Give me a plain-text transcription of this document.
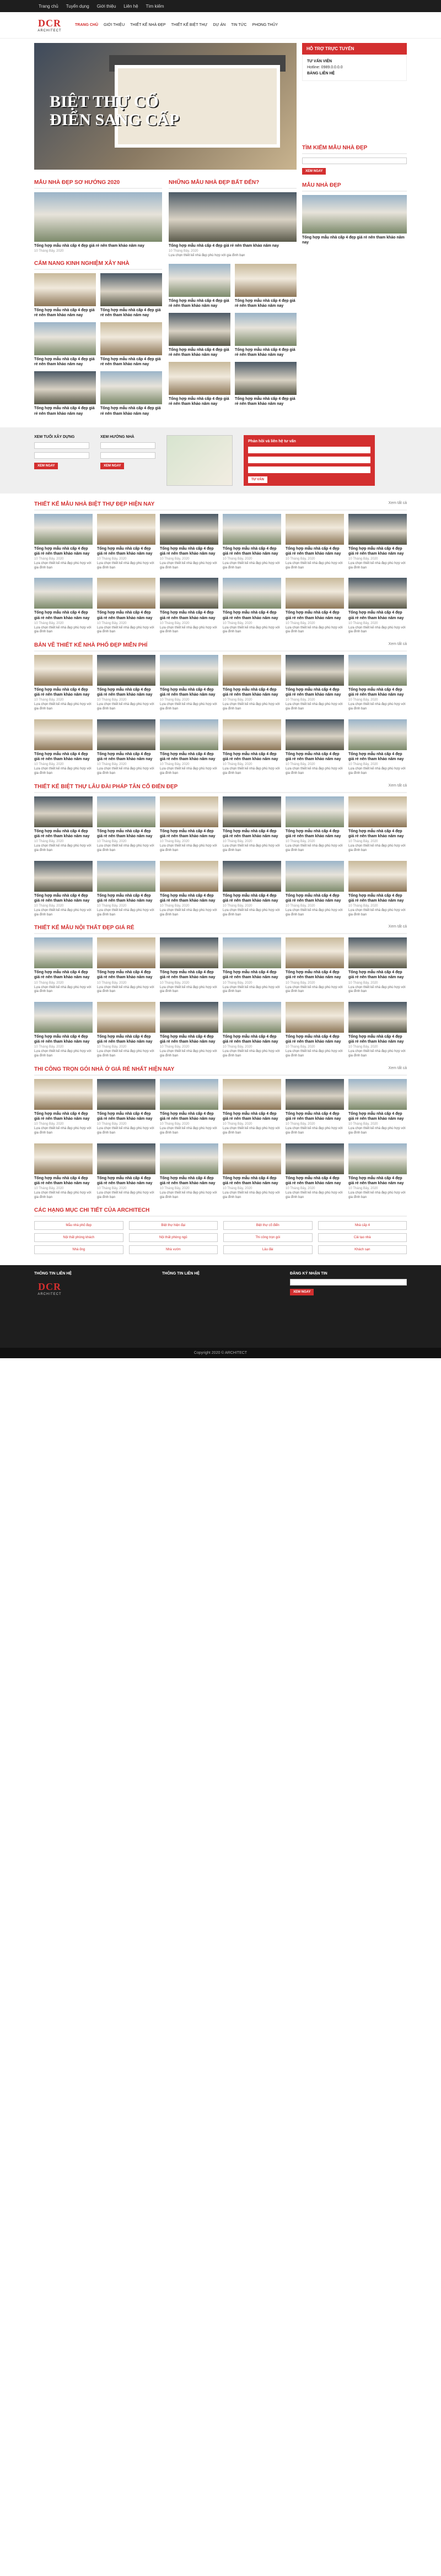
Trang chủ Tuyển dụng Giới thiệu Liên hệ Tìm kiếm
DCR
ARCHITECT
TRANG CHỦ GIỚI THIỆU THIẾT KẾ NHÀ ĐẸP THIẾT KẾ BIỆT THỰ DỰ ÁN TIN TỨC PHONG THỦY
BIỆT THỰ CỔ ĐIỂN SANG CẤP
MẪU NHÀ ĐẸP SƠ HƯỚNG 2020
Tổng hợp mẫu nhà cấp 4 đẹp giá rẻ nên tham khảo năm nay
10 Tháng Bảy, 2020
CẨM NANG KINH NGHIỆM XÂY NHÀ
Tổng hợp mẫu nhà cấp 4 đẹp giá rẻ nên tham khảo năm nay
Tổng hợp mẫu nhà cấp 4 đẹp giá rẻ nên tham khảo năm nay
Tổng hợp mẫu nhà cấp 4 đẹp giá rẻ nên tham khảo năm nay
Tổng hợp mẫu nhà cấp 4 đẹp giá rẻ nên tham khảo năm nay
Tổng hợp mẫu nhà cấp 4 đẹp giá rẻ nên tham khảo năm nay
Tổng hợp mẫu nhà cấp 4 đẹp giá rẻ nên tham khảo năm nay
NHỮNG MẪU NHÀ ĐẸP BẤT ĐẾN?
Tổng hợp mẫu nhà cấp 4 đẹp giá rẻ nên tham khảo năm nay
10 Tháng Bảy, 2020
Lựa chọn thiết kế nhà đẹp phù hợp với gia đình bạn
Tổng hợp mẫu nhà cấp 4 đẹp giá rẻ nên tham khảo năm nay
Tổng hợp mẫu nhà cấp 4 đẹp giá rẻ nên tham khảo năm nay
Tổng hợp mẫu nhà cấp 4 đẹp giá rẻ nên tham khảo năm nay
Tổng hợp mẫu nhà cấp 4 đẹp giá rẻ nên tham khảo năm nay
Tổng hợp mẫu nhà cấp 4 đẹp giá rẻ nên tham khảo năm nay
Tổng hợp mẫu nhà cấp 4 đẹp giá rẻ nên tham khảo năm nay
HỖ TRỢ TRỰC TUYẾN
TƯ VẤN VIÊN
Hotline: 0989.0.0.0.0
BẢNG LIÊN HỆ
TÌM KIẾM MẪU NHÀ ĐẸP
XEM NGAY
MẪU NHÀ ĐẸP
Tổng hợp mẫu nhà cấp 4 đẹp giá rẻ nên tham khảo năm nay
XEM TUỔI XÂY DỰNG
XEM NGAY
XEM HƯỚNG NHÀ
XEM NGAY
Phản hồi và liên hệ tư vấn
TƯ VẤN
THIẾT KẾ MẪU NHÀ BIỆT THỰ ĐẸP HIỆN NAY	Xem tất cả
Tổng hợp mẫu nhà cấp 4 đẹp giá rẻ nên tham khảo năm nay
10 Tháng Bảy, 2020
Lựa chọn thiết kế nhà đẹp phù hợp với gia đình bạn
Tổng hợp mẫu nhà cấp 4 đẹp giá rẻ nên tham khảo năm nay
10 Tháng Bảy, 2020
Lựa chọn thiết kế nhà đẹp phù hợp với gia đình bạn
Tổng hợp mẫu nhà cấp 4 đẹp giá rẻ nên tham khảo năm nay
10 Tháng Bảy, 2020
Lựa chọn thiết kế nhà đẹp phù hợp với gia đình bạn
Tổng hợp mẫu nhà cấp 4 đẹp giá rẻ nên tham khảo năm nay
10 Tháng Bảy, 2020
Lựa chọn thiết kế nhà đẹp phù hợp với gia đình bạn
Tổng hợp mẫu nhà cấp 4 đẹp giá rẻ nên tham khảo năm nay
10 Tháng Bảy, 2020
Lựa chọn thiết kế nhà đẹp phù hợp với gia đình bạn
Tổng hợp mẫu nhà cấp 4 đẹp giá rẻ nên tham khảo năm nay
10 Tháng Bảy, 2020
Lựa chọn thiết kế nhà đẹp phù hợp với gia đình bạn
Tổng hợp mẫu nhà cấp 4 đẹp giá rẻ nên tham khảo năm nay
10 Tháng Bảy, 2020
Lựa chọn thiết kế nhà đẹp phù hợp với gia đình bạn
Tổng hợp mẫu nhà cấp 4 đẹp giá rẻ nên tham khảo năm nay
10 Tháng Bảy, 2020
Lựa chọn thiết kế nhà đẹp phù hợp với gia đình bạn
Tổng hợp mẫu nhà cấp 4 đẹp giá rẻ nên tham khảo năm nay
10 Tháng Bảy, 2020
Lựa chọn thiết kế nhà đẹp phù hợp với gia đình bạn
Tổng hợp mẫu nhà cấp 4 đẹp giá rẻ nên tham khảo năm nay
10 Tháng Bảy, 2020
Lựa chọn thiết kế nhà đẹp phù hợp với gia đình bạn
Tổng hợp mẫu nhà cấp 4 đẹp giá rẻ nên tham khảo năm nay
10 Tháng Bảy, 2020
Lựa chọn thiết kế nhà đẹp phù hợp với gia đình bạn
Tổng hợp mẫu nhà cấp 4 đẹp giá rẻ nên tham khảo năm nay
10 Tháng Bảy, 2020
Lựa chọn thiết kế nhà đẹp phù hợp với gia đình bạn
BẢN VẼ THIẾT KẾ NHÀ PHỐ ĐẸP MIỄN PHÍ	Xem tất cả
Tổng hợp mẫu nhà cấp 4 đẹp giá rẻ nên tham khảo năm nay
10 Tháng Bảy, 2020
Lựa chọn thiết kế nhà đẹp phù hợp với gia đình bạn
Tổng hợp mẫu nhà cấp 4 đẹp giá rẻ nên tham khảo năm nay
10 Tháng Bảy, 2020
Lựa chọn thiết kế nhà đẹp phù hợp với gia đình bạn
Tổng hợp mẫu nhà cấp 4 đẹp giá rẻ nên tham khảo năm nay
10 Tháng Bảy, 2020
Lựa chọn thiết kế nhà đẹp phù hợp với gia đình bạn
Tổng hợp mẫu nhà cấp 4 đẹp giá rẻ nên tham khảo năm nay
10 Tháng Bảy, 2020
Lựa chọn thiết kế nhà đẹp phù hợp với gia đình bạn
Tổng hợp mẫu nhà cấp 4 đẹp giá rẻ nên tham khảo năm nay
10 Tháng Bảy, 2020
Lựa chọn thiết kế nhà đẹp phù hợp với gia đình bạn
Tổng hợp mẫu nhà cấp 4 đẹp giá rẻ nên tham khảo năm nay
10 Tháng Bảy, 2020
Lựa chọn thiết kế nhà đẹp phù hợp với gia đình bạn
Tổng hợp mẫu nhà cấp 4 đẹp giá rẻ nên tham khảo năm nay
10 Tháng Bảy, 2020
Lựa chọn thiết kế nhà đẹp phù hợp với gia đình bạn
Tổng hợp mẫu nhà cấp 4 đẹp giá rẻ nên tham khảo năm nay
10 Tháng Bảy, 2020
Lựa chọn thiết kế nhà đẹp phù hợp với gia đình bạn
Tổng hợp mẫu nhà cấp 4 đẹp giá rẻ nên tham khảo năm nay
10 Tháng Bảy, 2020
Lựa chọn thiết kế nhà đẹp phù hợp với gia đình bạn
Tổng hợp mẫu nhà cấp 4 đẹp giá rẻ nên tham khảo năm nay
10 Tháng Bảy, 2020
Lựa chọn thiết kế nhà đẹp phù hợp với gia đình bạn
Tổng hợp mẫu nhà cấp 4 đẹp giá rẻ nên tham khảo năm nay
10 Tháng Bảy, 2020
Lựa chọn thiết kế nhà đẹp phù hợp với gia đình bạn
Tổng hợp mẫu nhà cấp 4 đẹp giá rẻ nên tham khảo năm nay
10 Tháng Bảy, 2020
Lựa chọn thiết kế nhà đẹp phù hợp với gia đình bạn
THIẾT KẾ BIỆT THỰ LÂU ĐÀI PHÁP TÂN CỔ ĐIỂN ĐẸP	Xem tất cả
Tổng hợp mẫu nhà cấp 4 đẹp giá rẻ nên tham khảo năm nay
10 Tháng Bảy, 2020
Lựa chọn thiết kế nhà đẹp phù hợp với gia đình bạn
Tổng hợp mẫu nhà cấp 4 đẹp giá rẻ nên tham khảo năm nay
10 Tháng Bảy, 2020
Lựa chọn thiết kế nhà đẹp phù hợp với gia đình bạn
Tổng hợp mẫu nhà cấp 4 đẹp giá rẻ nên tham khảo năm nay
10 Tháng Bảy, 2020
Lựa chọn thiết kế nhà đẹp phù hợp với gia đình bạn
Tổng hợp mẫu nhà cấp 4 đẹp giá rẻ nên tham khảo năm nay
10 Tháng Bảy, 2020
Lựa chọn thiết kế nhà đẹp phù hợp với gia đình bạn
Tổng hợp mẫu nhà cấp 4 đẹp giá rẻ nên tham khảo năm nay
10 Tháng Bảy, 2020
Lựa chọn thiết kế nhà đẹp phù hợp với gia đình bạn
Tổng hợp mẫu nhà cấp 4 đẹp giá rẻ nên tham khảo năm nay
10 Tháng Bảy, 2020
Lựa chọn thiết kế nhà đẹp phù hợp với gia đình bạn
Tổng hợp mẫu nhà cấp 4 đẹp giá rẻ nên tham khảo năm nay
10 Tháng Bảy, 2020
Lựa chọn thiết kế nhà đẹp phù hợp với gia đình bạn
Tổng hợp mẫu nhà cấp 4 đẹp giá rẻ nên tham khảo năm nay
10 Tháng Bảy, 2020
Lựa chọn thiết kế nhà đẹp phù hợp với gia đình bạn
Tổng hợp mẫu nhà cấp 4 đẹp giá rẻ nên tham khảo năm nay
10 Tháng Bảy, 2020
Lựa chọn thiết kế nhà đẹp phù hợp với gia đình bạn
Tổng hợp mẫu nhà cấp 4 đẹp giá rẻ nên tham khảo năm nay
10 Tháng Bảy, 2020
Lựa chọn thiết kế nhà đẹp phù hợp với gia đình bạn
Tổng hợp mẫu nhà cấp 4 đẹp giá rẻ nên tham khảo năm nay
10 Tháng Bảy, 2020
Lựa chọn thiết kế nhà đẹp phù hợp với gia đình bạn
Tổng hợp mẫu nhà cấp 4 đẹp giá rẻ nên tham khảo năm nay
10 Tháng Bảy, 2020
Lựa chọn thiết kế nhà đẹp phù hợp với gia đình bạn
THIẾT KẾ MẪU NỘI THẤT ĐẸP GIÁ RẺ	Xem tất cả
Tổng hợp mẫu nhà cấp 4 đẹp giá rẻ nên tham khảo năm nay
10 Tháng Bảy, 2020
Lựa chọn thiết kế nhà đẹp phù hợp với gia đình bạn
Tổng hợp mẫu nhà cấp 4 đẹp giá rẻ nên tham khảo năm nay
10 Tháng Bảy, 2020
Lựa chọn thiết kế nhà đẹp phù hợp với gia đình bạn
Tổng hợp mẫu nhà cấp 4 đẹp giá rẻ nên tham khảo năm nay
10 Tháng Bảy, 2020
Lựa chọn thiết kế nhà đẹp phù hợp với gia đình bạn
Tổng hợp mẫu nhà cấp 4 đẹp giá rẻ nên tham khảo năm nay
10 Tháng Bảy, 2020
Lựa chọn thiết kế nhà đẹp phù hợp với gia đình bạn
Tổng hợp mẫu nhà cấp 4 đẹp giá rẻ nên tham khảo năm nay
10 Tháng Bảy, 2020
Lựa chọn thiết kế nhà đẹp phù hợp với gia đình bạn
Tổng hợp mẫu nhà cấp 4 đẹp giá rẻ nên tham khảo năm nay
10 Tháng Bảy, 2020
Lựa chọn thiết kế nhà đẹp phù hợp với gia đình bạn
Tổng hợp mẫu nhà cấp 4 đẹp giá rẻ nên tham khảo năm nay
10 Tháng Bảy, 2020
Lựa chọn thiết kế nhà đẹp phù hợp với gia đình bạn
Tổng hợp mẫu nhà cấp 4 đẹp giá rẻ nên tham khảo năm nay
10 Tháng Bảy, 2020
Lựa chọn thiết kế nhà đẹp phù hợp với gia đình bạn
Tổng hợp mẫu nhà cấp 4 đẹp giá rẻ nên tham khảo năm nay
10 Tháng Bảy, 2020
Lựa chọn thiết kế nhà đẹp phù hợp với gia đình bạn
Tổng hợp mẫu nhà cấp 4 đẹp giá rẻ nên tham khảo năm nay
10 Tháng Bảy, 2020
Lựa chọn thiết kế nhà đẹp phù hợp với gia đình bạn
Tổng hợp mẫu nhà cấp 4 đẹp giá rẻ nên tham khảo năm nay
10 Tháng Bảy, 2020
Lựa chọn thiết kế nhà đẹp phù hợp với gia đình bạn
Tổng hợp mẫu nhà cấp 4 đẹp giá rẻ nên tham khảo năm nay
10 Tháng Bảy, 2020
Lựa chọn thiết kế nhà đẹp phù hợp với gia đình bạn
THI CÔNG TRỌN GÓI NHÀ Ở GIÁ RẺ NHẤT HIỆN NAY	Xem tất cả
Tổng hợp mẫu nhà cấp 4 đẹp giá rẻ nên tham khảo năm nay
10 Tháng Bảy, 2020
Lựa chọn thiết kế nhà đẹp phù hợp với gia đình bạn
Tổng hợp mẫu nhà cấp 4 đẹp giá rẻ nên tham khảo năm nay
10 Tháng Bảy, 2020
Lựa chọn thiết kế nhà đẹp phù hợp với gia đình bạn
Tổng hợp mẫu nhà cấp 4 đẹp giá rẻ nên tham khảo năm nay
10 Tháng Bảy, 2020
Lựa chọn thiết kế nhà đẹp phù hợp với gia đình bạn
Tổng hợp mẫu nhà cấp 4 đẹp giá rẻ nên tham khảo năm nay
10 Tháng Bảy, 2020
Lựa chọn thiết kế nhà đẹp phù hợp với gia đình bạn
Tổng hợp mẫu nhà cấp 4 đẹp giá rẻ nên tham khảo năm nay
10 Tháng Bảy, 2020
Lựa chọn thiết kế nhà đẹp phù hợp với gia đình bạn
Tổng hợp mẫu nhà cấp 4 đẹp giá rẻ nên tham khảo năm nay
10 Tháng Bảy, 2020
Lựa chọn thiết kế nhà đẹp phù hợp với gia đình bạn
Tổng hợp mẫu nhà cấp 4 đẹp giá rẻ nên tham khảo năm nay
10 Tháng Bảy, 2020
Lựa chọn thiết kế nhà đẹp phù hợp với gia đình bạn
Tổng hợp mẫu nhà cấp 4 đẹp giá rẻ nên tham khảo năm nay
10 Tháng Bảy, 2020
Lựa chọn thiết kế nhà đẹp phù hợp với gia đình bạn
Tổng hợp mẫu nhà cấp 4 đẹp giá rẻ nên tham khảo năm nay
10 Tháng Bảy, 2020
Lựa chọn thiết kế nhà đẹp phù hợp với gia đình bạn
Tổng hợp mẫu nhà cấp 4 đẹp giá rẻ nên tham khảo năm nay
10 Tháng Bảy, 2020
Lựa chọn thiết kế nhà đẹp phù hợp với gia đình bạn
Tổng hợp mẫu nhà cấp 4 đẹp giá rẻ nên tham khảo năm nay
10 Tháng Bảy, 2020
Lựa chọn thiết kế nhà đẹp phù hợp với gia đình bạn
Tổng hợp mẫu nhà cấp 4 đẹp giá rẻ nên tham khảo năm nay
10 Tháng Bảy, 2020
Lựa chọn thiết kế nhà đẹp phù hợp với gia đình bạn
CÁC HẠNG MỤC CHI TIẾT CỦA ARCHITECH
Mẫu nhà phố đẹp	Biệt thự hiện đại	Biệt thự cổ điển	Nhà cấp 4
Nội thất phòng khách	Nội thất phòng ngủ	Thi công trọn gói	Cải tạo nhà
Nhà ống	Nhà vườn	Lâu đài	Khách sạn
THÔNG TIN LIÊN HỆ
DCR
ARCHITECT
THÔNG TIN LIÊN HỆ	ĐĂNG KÝ NHẬN TIN
XEM NGAY
Copyright 2020 © ARCHITECT
